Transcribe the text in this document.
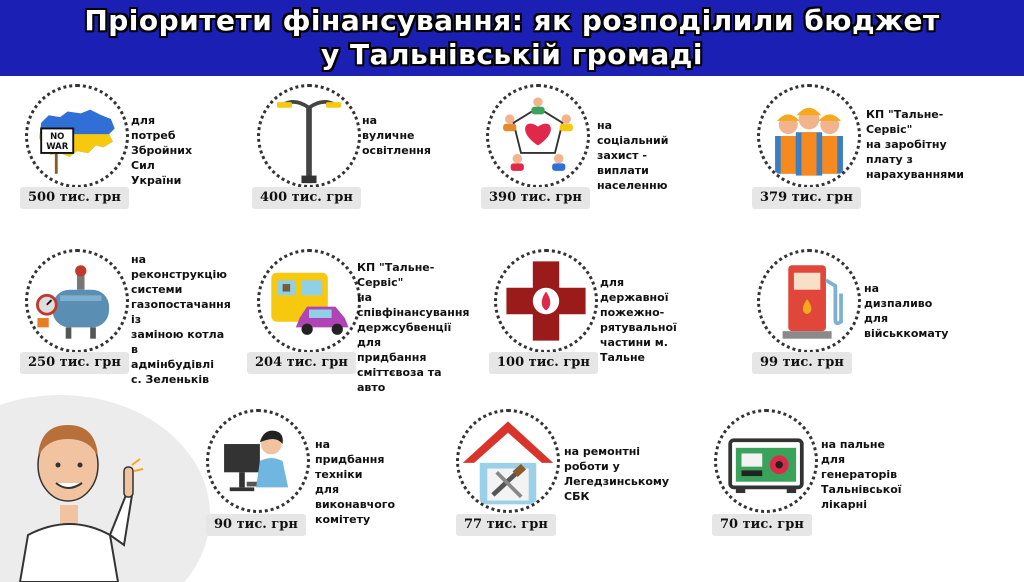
Пріоритети фінансування: як розподілили бюджет
у Тальнівській громаді
NO
WAR
для потреб
Збройних Сил
України
500 тис. грн
на вуличне
освітлення
400 тис. грн
на соціальний захист -
виплати населенню
390 тис. грн
КП "Тальне-Сервіс"
на заробітну плату з
нарахуваннями
379 тис. грн
на реконструкцію
системи
газопостачання із
заміною котла в
адмінбудівлі
с. Зеленьків
250 тис. грн
КП "Тальне-Сервіс"
на співфінансування
держсубвенції для
придбання
сміттєвоза та авто
204 тис. грн
для державної
пожежно-рятувальної
частини м. Тальне
100 тис. грн
на дизпаливо для
військкомату
99 тис. грн
на придбання техніки
для виконавчого
комітету
90 тис. грн
на ремонтні роботи у
Легедзинському СБК
77 тис. грн
на пальне для
генераторів
Тальнівської лікарні
70 тис. грн
